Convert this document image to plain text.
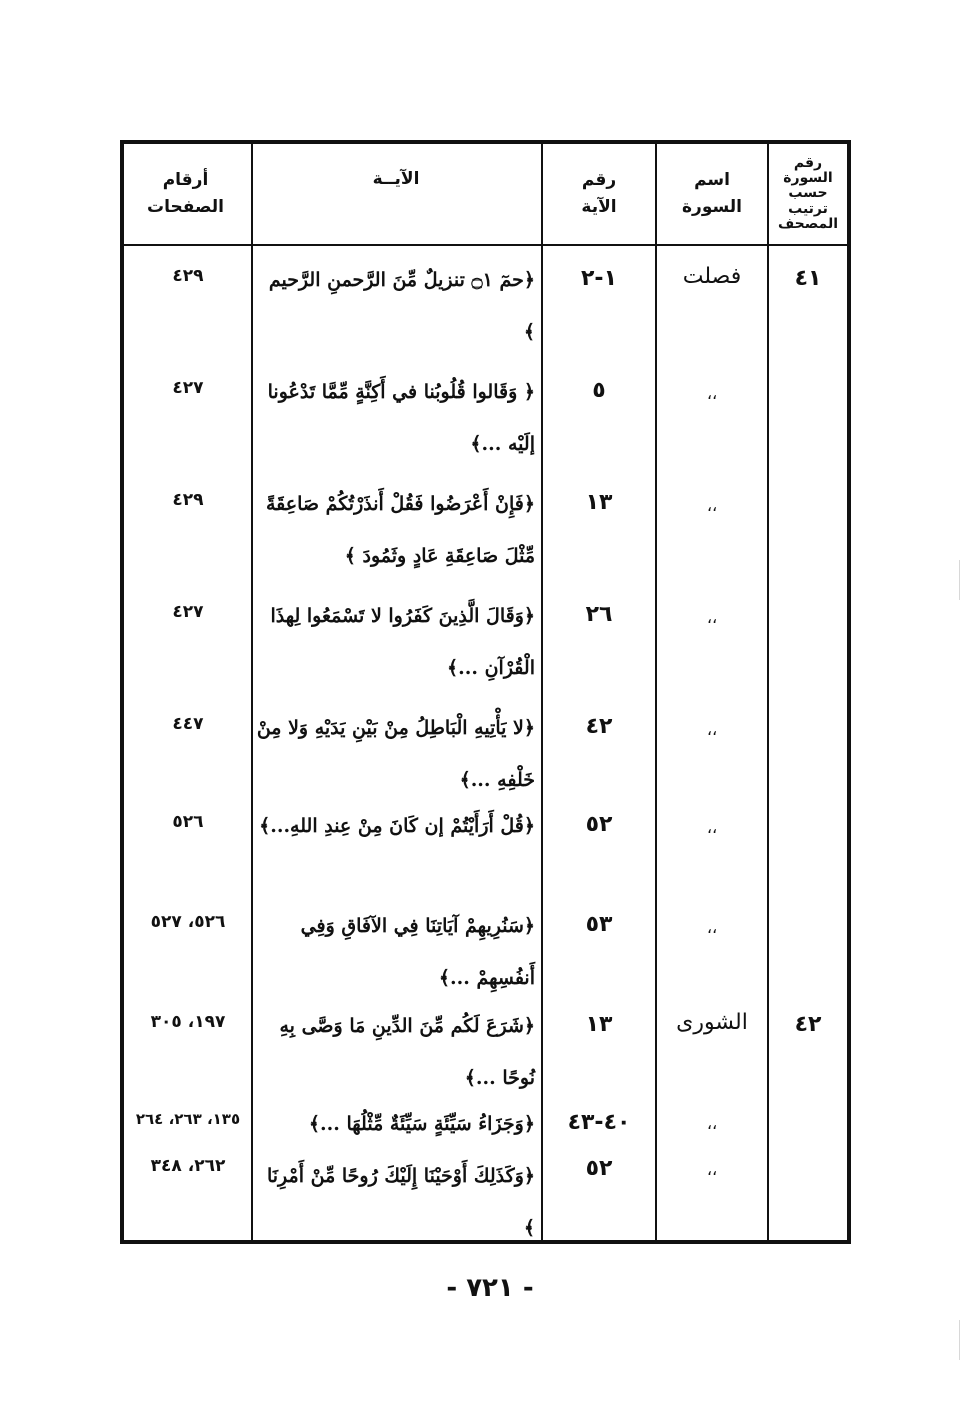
رقم السورة
حسب
ترتيب
المصحف
اسم
السورة
رقم
الآية
الآيــة
أرقام
الصفحات
٤١
فصلت
١-٢
﴿حمٓ ۝١ تنزيلٌ مِّنَ الرَّحمنِ الرَّحيم ﴾
٤٢٩
،،
٥
﴿ وَقَالوا قُلُوبُنا في أَكِنَّةٍ مِّمَّا تَدْعُونا إلَيْه ...﴾
٤٢٧
،،
١٣
﴿فَإِنْ أَعْرَضُوا فَقُلْ أَنذَرْتُكُمْ صَاعِقَةً مِّثْلَ صَاعِقَةِ عَادٍ وثَمُودَ ﴾
٤٢٩
،،
٢٦
﴿وَقَالَ الَّذِينَ كَفَرُوا لا تَسْمَعُوا لِهذَا الْقُرْآنِ ...﴾
٤٢٧
،،
٤٢
﴿لا يَأْتِيهِ الْبَاطِلُ مِنْ بَيْنِ يَدَيْهِ وَلا مِنْ خَلْفِهِ ...﴾
٤٤٧
،،
٥٢
﴿قُلْ أَرَأَيْتُمْ إن كَانَ مِنْ عِندِ اللهِ...﴾
٥٢٦
،،
٥٣
﴿سَنُرِيهِمْ آيَاتِنَا فِي الآفَاقِ وَفِي أَنفُسِهِمْ ...﴾
٥٢٦، ٥٢٧
٤٢
الشورى
١٣
﴿شَرَعَ لَكُم مِّنَ الدِّينِ مَا وَصَّى بِهِ نُوحًا ...﴾
١٩٧، ٣٠٥
،،
٤٠-٤٣
﴿وَجَزَاءُ سَيِّئَةٍ سَيِّئَةٌ مِّثْلُهَا ...﴾
١٣٥، ٢٦٣، ٢٦٤
،،
٥٢
﴿وَكَذَلِكَ أَوْحَيْنَا إِلَيْكَ رُوحًا مِّنْ أَمْرِنَا ﴾
٢٦٢، ٣٤٨
- ٧٢١ -
